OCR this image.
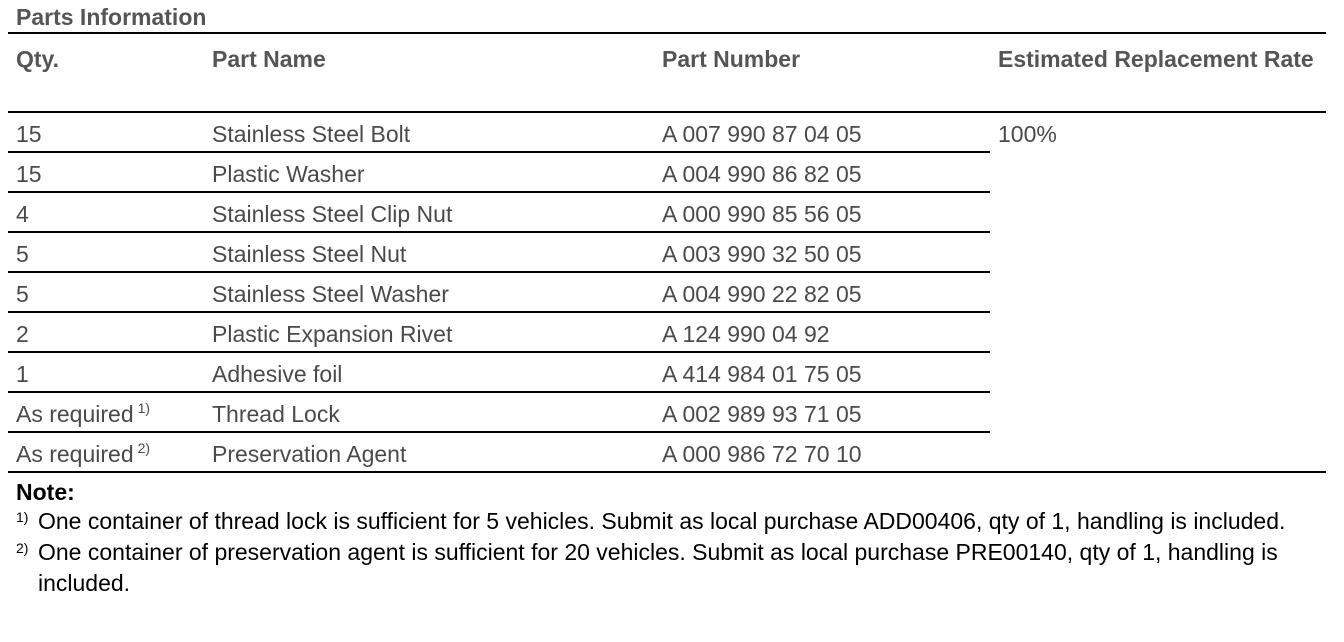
Parts Information
Qty.	Part Name	Part Number	Estimated Replacement Rate
15	Stainless Steel Bolt	A 007 990 87 04 05	100%
15	Plastic Washer	A 004 990 86 82 05	
4	Stainless Steel Clip Nut	A 000 990 85 56 05	
5	Stainless Steel Nut	A 003 990 32 50 05	
5	Stainless Steel Washer	A 004 990 22 82 05	
2	Plastic Expansion Rivet	A 124 990 04 92	
1	Adhesive foil	A 414 984 01 75 05	
As required $^{1)}$	Thread Lock	A 002 989 93 71 05	
As required $^{2)}$	Preservation Agent	A 000 986 72 70 10	
Note:
1) One container of thread lock is sufficient for 5 vehicles. Submit as local purchase ADD00406, qty of 1, handling is included.
2) One container of preservation agent is sufficient for 20 vehicles. Submit as local purchase PRE00140, qty of 1, handling is included.
